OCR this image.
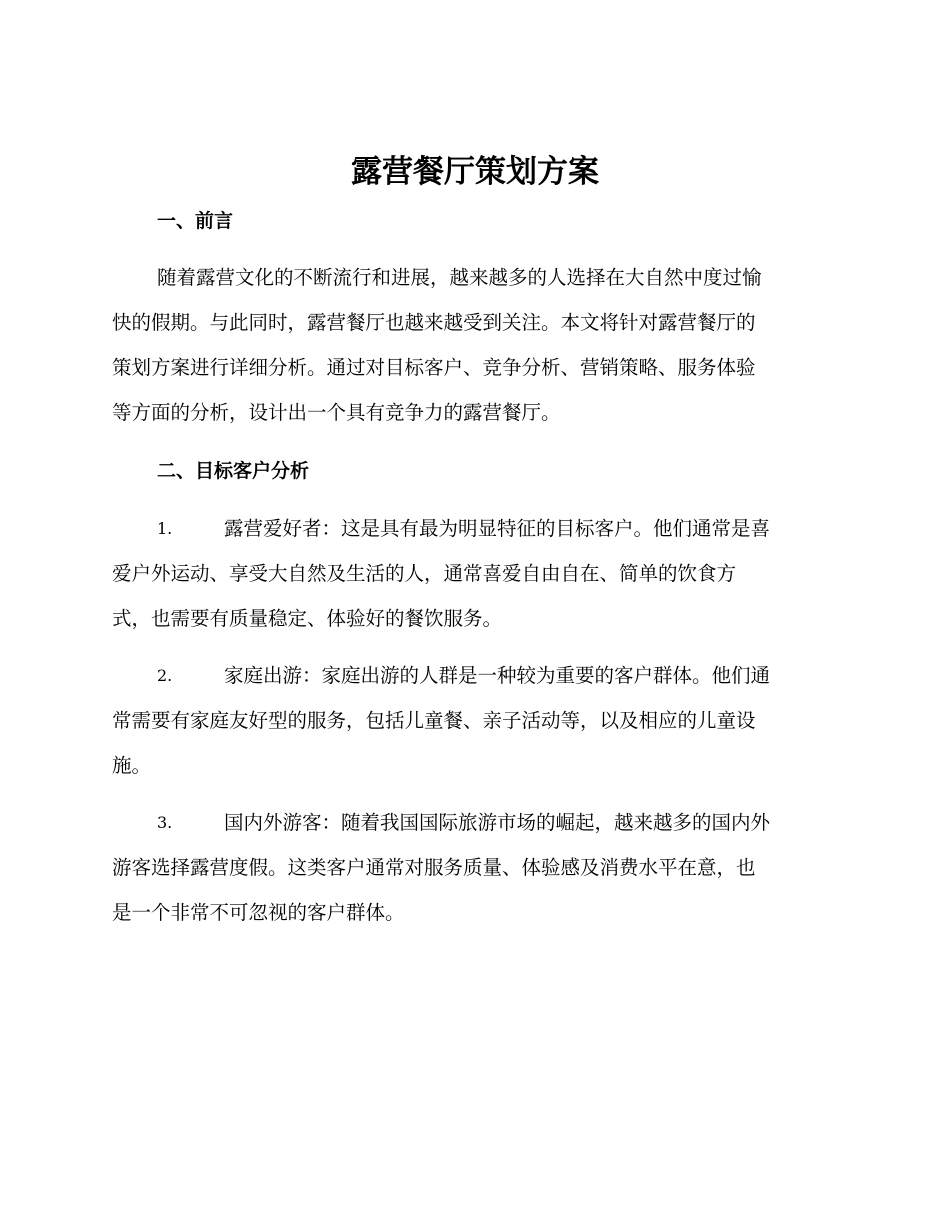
露营餐厅策划方案
一、前言
随着露营文化的不断流行和进展，越来越多的人选择在大自然中度过愉
快的假期。与此同时，露营餐厅也越来越受到关注。本文将针对露营餐厅的
策划方案进行详细分析。通过对目标客户、竞争分析、营销策略、服务体验
等方面的分析，设计出一个具有竞争力的露营餐厅。
二、目标客户分析
1.	露营爱好者：这是具有最为明显特征的目标客户。他们通常是喜
爱户外运动、享受大自然及生活的人，通常喜爱自由自在、简单的饮食方
式，也需要有质量稳定、体验好的餐饮服务。
2.	家庭出游：家庭出游的人群是一种较为重要的客户群体。他们通
常需要有家庭友好型的服务，包括儿童餐、亲子活动等，以及相应的儿童设
施。
3.	国内外游客：随着我国国际旅游市场的崛起，越来越多的国内外
游客选择露营度假。这类客户通常对服务质量、体验感及消费水平在意，也
是一个非常不可忽视的客户群体。
